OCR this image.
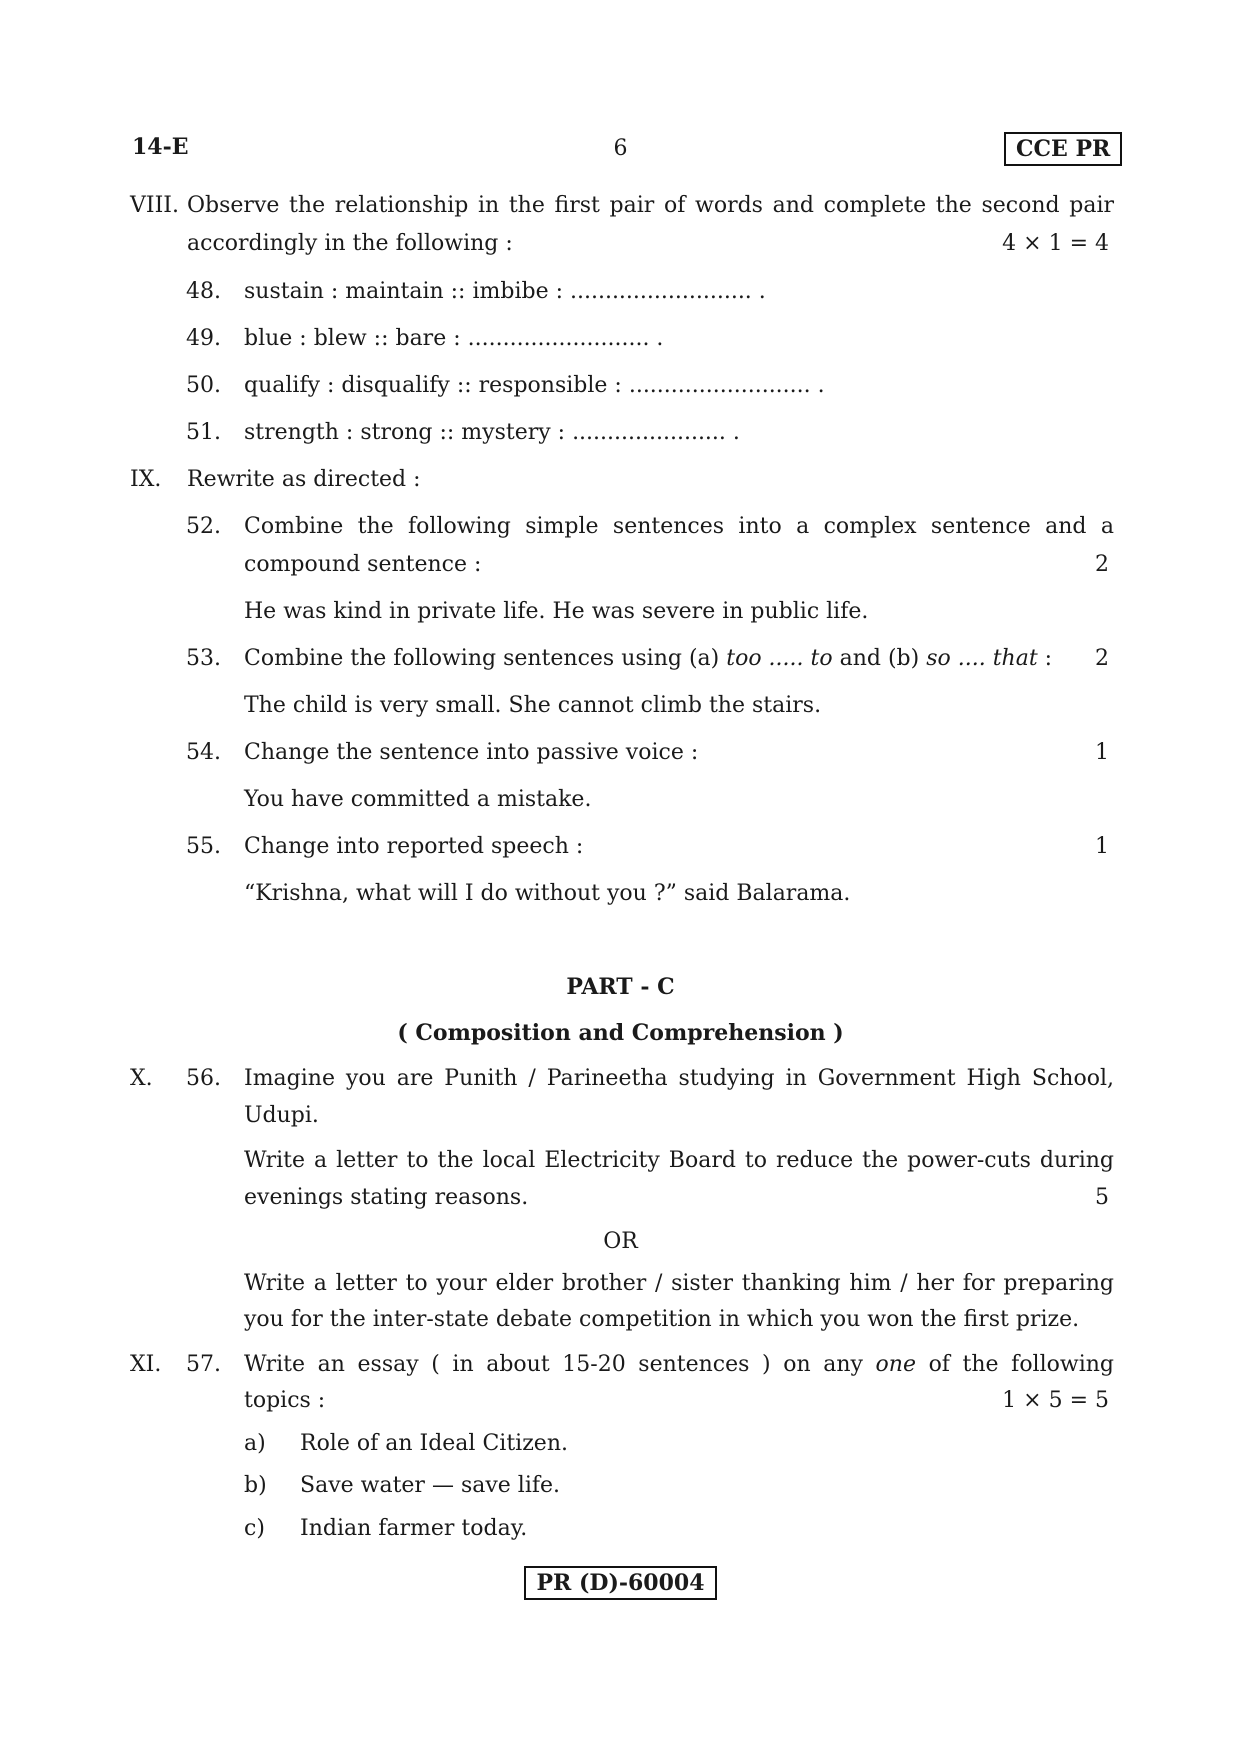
14-E	6	CCE PR
VIII. Observe the relationship in the first pair of words and complete the second pair
accordingly in the following :	4 × 1 = 4
48. sustain : maintain :: imbibe : .......................... .
49. blue : blew :: bare : .......................... .
50. qualify : disqualify :: responsible : .......................... .
51. strength : strong :: mystery : ...................... .
IX. Rewrite as directed :
52. Combine the following simple sentences into a complex sentence and a
compound sentence :	2
He was kind in private life. He was severe in public life.
53. Combine the following sentences using (a) too ..... to and (b) so .... that : 2
The child is very small. She cannot climb the stairs.
54. Change the sentence into passive voice :	1
You have committed a mistake.
55. Change into reported speech :	1
“Krishna, what will I do without you ?” said Balarama.
PART - C
( Composition and Comprehension )
X. 56. Imagine you are Punith / Parineetha studying in Government High School,
Udupi.
Write a letter to the local Electricity Board to reduce the power-cuts during
evenings stating reasons.	5
OR
Write a letter to your elder brother / sister thanking him / her for preparing
you for the inter-state debate competition in which you won the first prize.
XI. 57. Write an essay ( in about 15-20 sentences ) on any one of the following
topics :	1 × 5 = 5
a) Role of an Ideal Citizen.
b) Save water — save life.
c) Indian farmer today.
PR (D)-60004
